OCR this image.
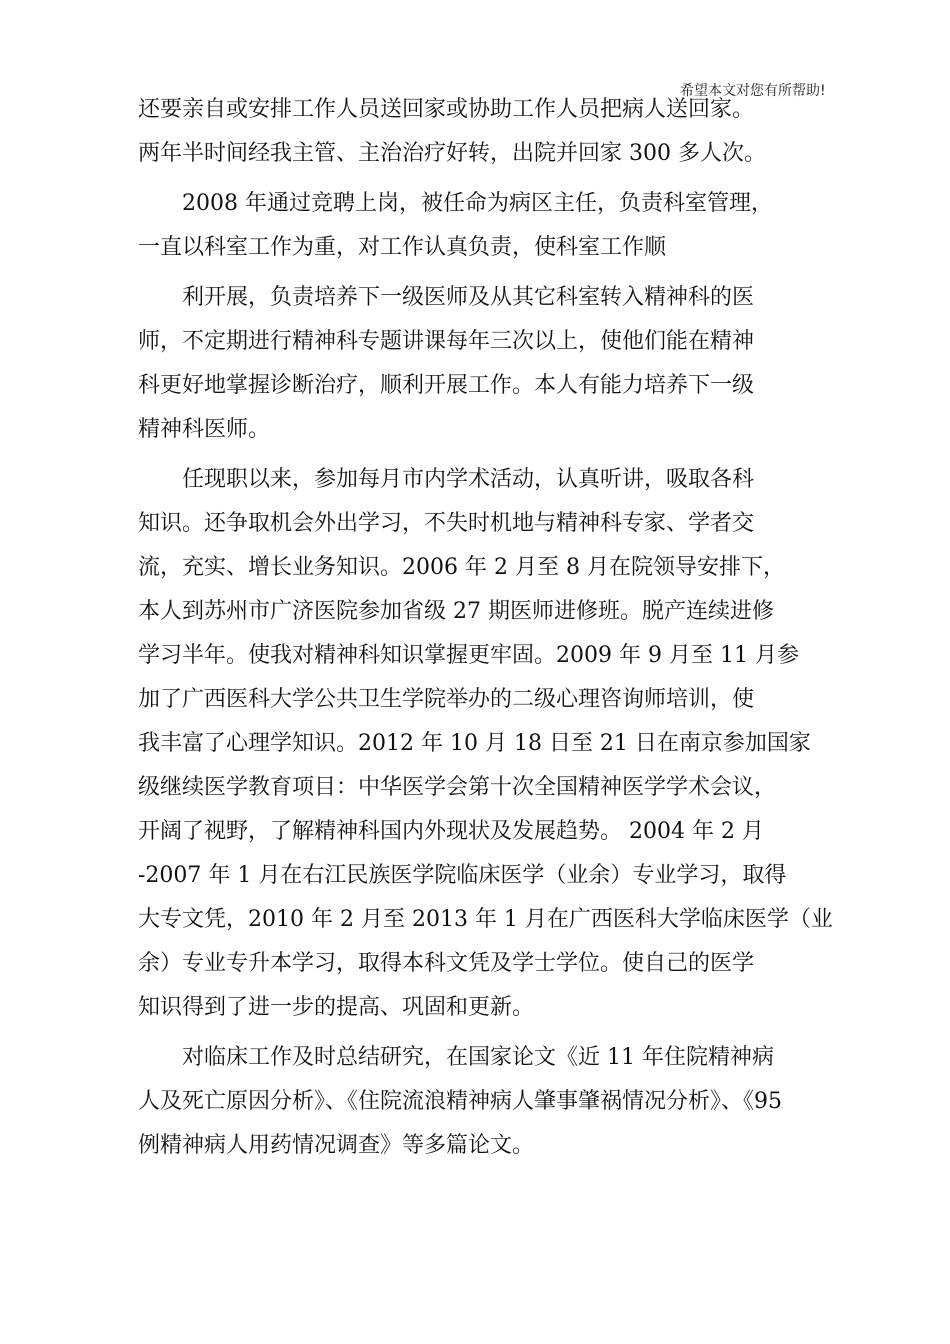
希望本文对您有所帮助!
还要亲自或安排工作人员送回家或协助工作人员把病人送回家。
两年半时间经我主管、主治治疗好转，出院并回家 300 多人次。
2008 年通过竞聘上岗，被任命为病区主任，负责科室管理，
一直以科室工作为重，对工作认真负责，使科室工作顺
利开展，负责培养下一级医师及从其它科室转入精神科的医
师，不定期进行精神科专题讲课每年三次以上，使他们能在精神
科更好地掌握诊断治疗，顺利开展工作。本人有能力培养下一级
精神科医师。
任现职以来，参加每月市内学术活动，认真听讲，吸取各科
知识。还争取机会外出学习，不失时机地与精神科专家、学者交
流，充实、增长业务知识。2006 年 2 月至 8 月在院领导安排下，
本人到苏州市广济医院参加省级 27 期医师进修班。脱产连续进修
学习半年。使我对精神科知识掌握更牢固。2009 年 9 月至 11 月参
加了广西医科大学公共卫生学院举办的二级心理咨询师培训，使
我丰富了心理学知识。2012 年 10 月 18 日至 21 日在南京参加国家
级继续医学教育项目：中华医学会第十次全国精神医学学术会议，
开阔了视野，了解精神科国内外现状及发展趋势。 2004 年 2 月
-2007 年 1 月在右江民族医学院临床医学（业余）专业学习，取得
大专文凭，2010 年 2 月至 2013 年 1 月在广西医科大学临床医学（业
余）专业专升本学习，取得本科文凭及学士学位。使自己的医学
知识得到了进一步的提高、巩固和更新。
对临床工作及时总结研究，在国家论文《近 11 年住院精神病
人及死亡原因分析》、《住院流浪精神病人肇事肇祸情况分析》、《95
例精神病人用药情况调查》等多篇论文。
